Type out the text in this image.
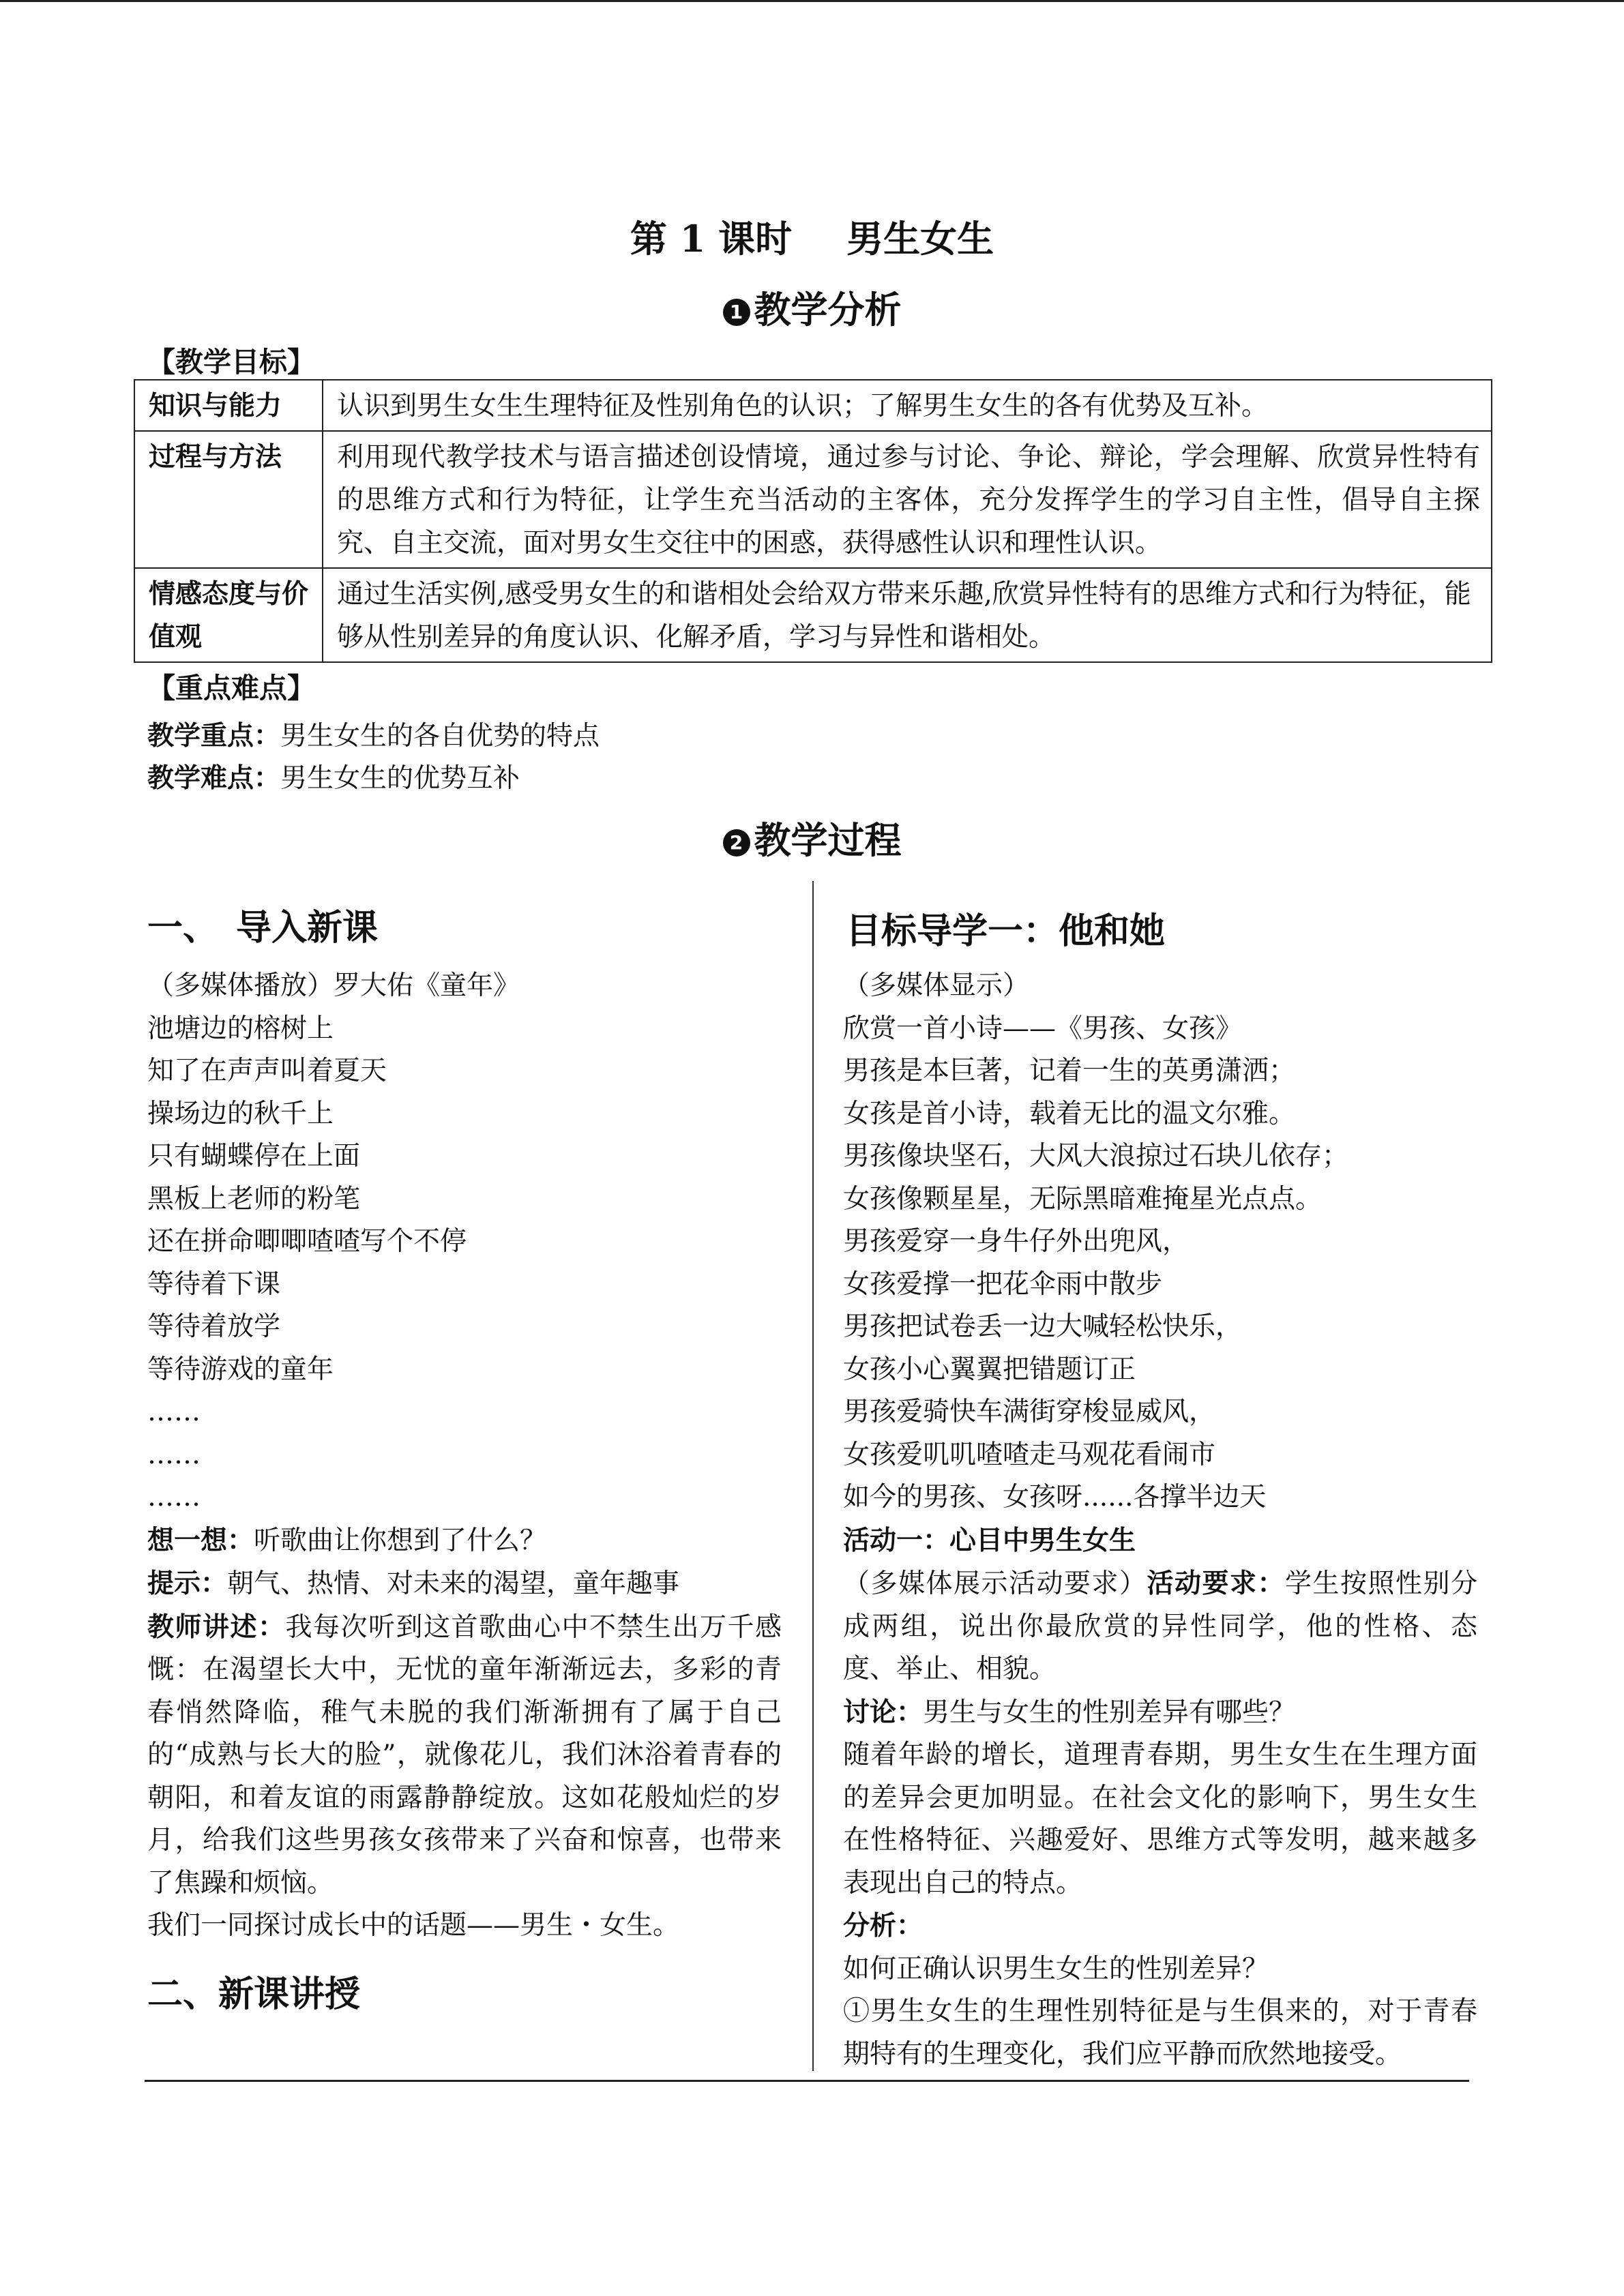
第 1 课时 男生女生
1 教学分析
【教学目标】
知识与能力	认识到男生女生生理特征及性别角色的认识；了解男生女生的各有优势及互补。
过程与方法	利用现代教学技术与语言描述创设情境，通过参与讨论、争论、辩论，学会理解、欣赏异性特有的思维方式和行为特征，让学生充当活动的主客体，充分发挥学生的学习自主性，倡导自主探究、自主交流，面对男女生交往中的困惑，获得感性认识和理性认识。
情感态度与价值观	通过生活实例,感受男女生的和谐相处会给双方带来乐趣,欣赏异性特有的思维方式和行为特征，能够从性别差异的角度认识、化解矛盾，学习与异性和谐相处。
【重点难点】
教学重点：男生女生的各自优势的特点
教学难点：男生女生的优势互补
2 教学过程
一、　导入新课

（多媒体播放）罗大佑《童年》

池塘边的榕树上

知了在声声叫着夏天

操场边的秋千上

只有蝴蝶停在上面

黑板上老师的粉笔

还在拼命唧唧喳喳写个不停

等待着下课

等待着放学

等待游戏的童年

……

……

……

想一想：听歌曲让你想到了什么？

提示：朝气、热情、对未来的渴望，童年趣事

教师讲述：我每次听到这首歌曲心中不禁生出万千感慨：在渴望长大中，无忧的童年渐渐远去，多彩的青春悄然降临，稚气未脱的我们渐渐拥有了属于自己的“成熟与长大的脸”，就像花儿，我们沐浴着青春的朝阳，和着友谊的雨露静静绽放。这如花般灿烂的岁月，给我们这些男孩女孩带来了兴奋和惊喜，也带来了焦躁和烦恼。

我们一同探讨成长中的话题——男生・女生。

二、新课讲授
目标导学一：他和她

（多媒体显示）

欣赏一首小诗——《男孩、女孩》

男孩是本巨著，记着一生的英勇潇洒；

女孩是首小诗，载着无比的温文尔雅。

男孩像块坚石，大风大浪掠过石块儿依存；

女孩像颗星星，无际黑暗难掩星光点点。

男孩爱穿一身牛仔外出兜风，

女孩爱撑一把花伞雨中散步

男孩把试卷丢一边大喊轻松快乐，

女孩小心翼翼把错题订正

男孩爱骑快车满街穿梭显威风，

女孩爱叽叽喳喳走马观花看闹市

如今的男孩、女孩呀......各撑半边天

活动一：心目中男生女生

（多媒体展示活动要求）活动要求：学生按照性别分成两组，说出你最欣赏的异性同学，他的性格、态度、举止、相貌。

讨论：男生与女生的性别差异有哪些？

随着年龄的增长，道理青春期，男生女生在生理方面的差异会更加明显。在社会文化的影响下，男生女生在性格特征、兴趣爱好、思维方式等发明，越来越多表现出自己的特点。

分析：

如何正确认识男生女生的性别差异？

①男生女生的生理性别特征是与生俱来的，对于青春期特有的生理变化，我们应平静而欣然地接受。
